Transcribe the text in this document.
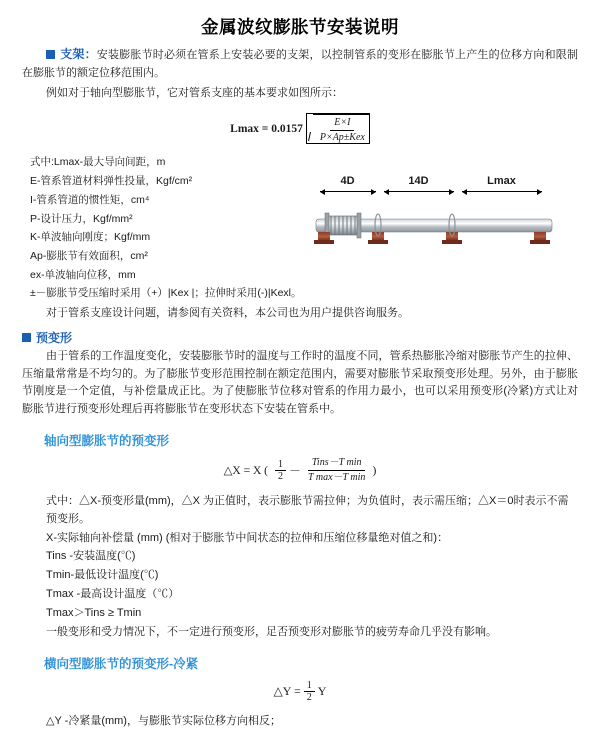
金属波纹膨胀节安装说明
支架：安装膨胀节时必须在管系上安装必要的支架，以控制管系的变形在膨胀节上产生的位移方向和限制在膨胀节的额定位移范围内。

例如对于轴向型膨胀节，它对管系支座的基本要求如图所示：

$Lmax = 0.0157 \frac{E\times I}{\text{P×Ap±Kex}}$
式中:Lmax-最大导向间距，m
E-管系管道材料弹性投量，Kgf/cm²
I-管系管道的惯性矩，cm⁴
P-设计压力，Kgf/mm²
K-单波轴向刚度；Kgf/mm
Ap-膨胀节有效面积，cm²
ex-单波轴向位移，mm
±－膨胀节受压缩时采用（+）|Kex |；拉伸时采用(-)|Kexl。
4D	14D	Lmax

对于管系支座设计问题，请参阅有关资料，本公司也为用户提供咨询服务。

预变形

由于管系的工作温度变化，安装膨胀节时的温度与工作时的温度不同，管系热膨胀冷缩对膨胀节产生的拉伸、压缩量常常是不均匀的。为了膨胀节变形范围控制在额定范围内，需要对膨胀节采取预变形处理。另外，由于膨胀节刚度是一个定值，与补偿量成正比。为了使膨胀节位移对管系的作用力最小，也可以采用预变形(冷紧)方式让对膨胀节进行预变形处理后再将膨胀节在变形状态下安装在管系中。

轴向型膨胀节的预变形
△X = X ( $\frac{1}{2} - \frac{\text{Tins－T min}}{\text{T max－T min}}$ )
式中：△X-预变形量(mm)，△X 为正值时，表示膨胀节需拉伸；为负值时，表示需压缩；△X＝0时表示不需预变形。
X-实际轴向补偿量 (mm) (相对于膨胀节中间状态的拉伸和压缩位移量绝对值之和)：
Tins -安装温度(℃)
Tmin-最低设计温度(℃)
Tmax -最高设计温度（℃）
Tmax＞Tins ≥ Tmin
一般变形和受力情况下，不一定进行预变形，足否预变形对膨胀节的疲劳寿命几乎没有影响。
横向型膨胀节的预变形-冷紧
△Y = $\frac{1}{2}$ Y
△Y -冷紧量(mm)，与膨胀节实际位移方向相反；
